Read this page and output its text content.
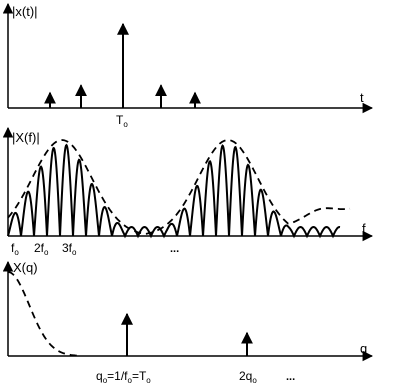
|x(t)|
t
$T_o$
|X(f)|
f
$f_o$ $2f_o$ $3f_o$	...
X(q)
q
$q_o=1/f_o=T_o$	$2q_o$	...
